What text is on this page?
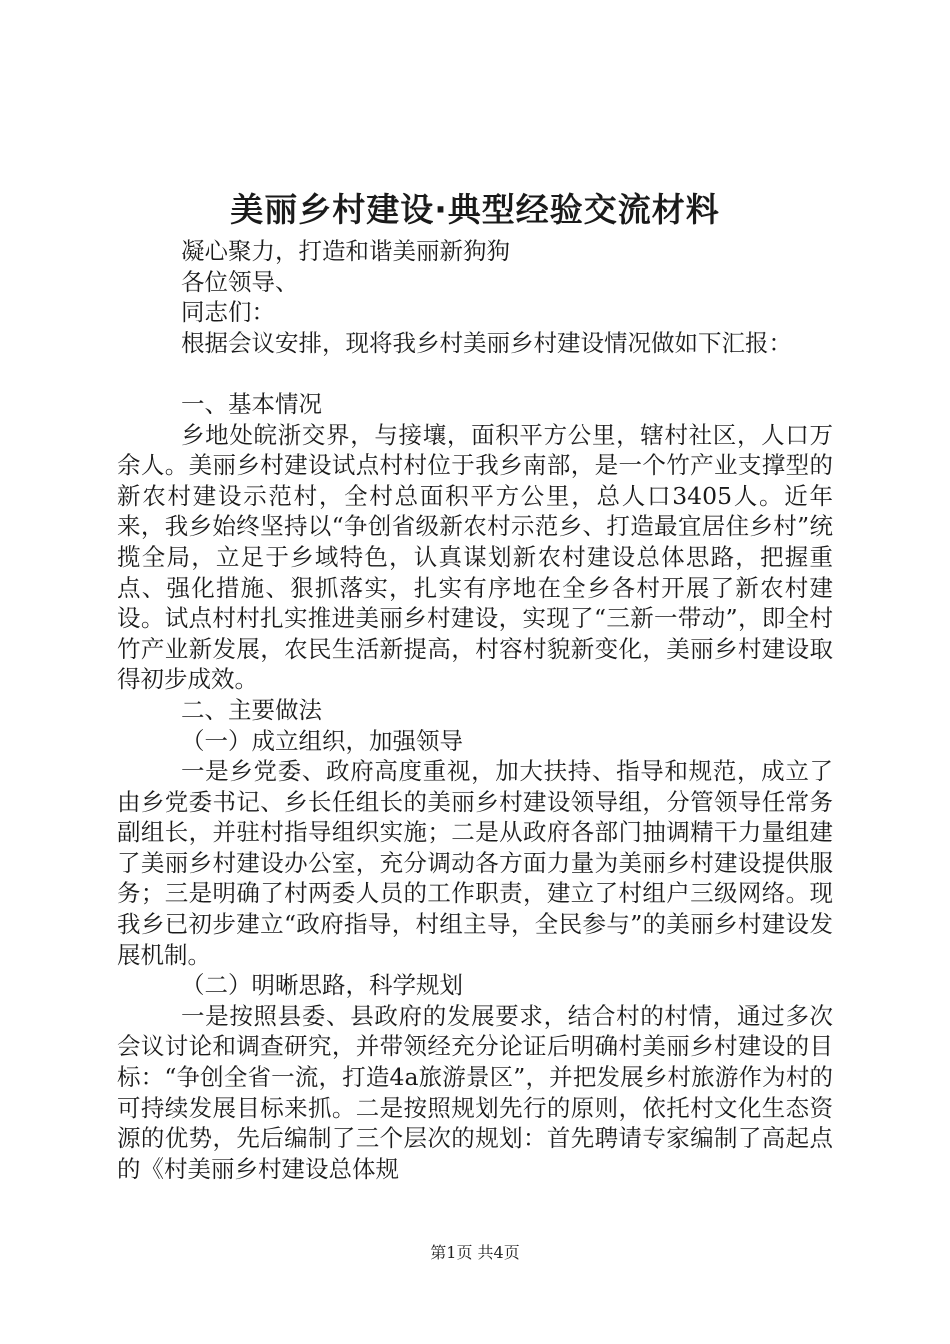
美丽乡村建设·典型经验交流材料

凝心聚力，打造和谐美丽新狗狗

各位领导、

同志们：

根据会议安排，现将我乡村美丽乡村建设情况做如下汇报：

一、基本情况

乡地处皖浙交界，与接壤，面积平方公里，辖村社区，人口万余人。美丽乡村建设试点村村位于我乡南部，是一个竹产业支撑型的新农村建设示范村，全村总面积平方公里，总人口3405人。近年来，我乡始终坚持以“争创省级新农村示范乡、打造最宜居住乡村”统揽全局，立足于乡域特色，认真谋划新农村建设总体思路，把握重点、强化措施、狠抓落实，扎实有序地在全乡各村开展了新农村建设。试点村村扎实推进美丽乡村建设，实现了“三新一带动”，即全村竹产业新发展，农民生活新提高，村容村貌新变化，美丽乡村建设取得初步成效。

二、主要做法

（一）成立组织，加强领导

一是乡党委、政府高度重视，加大扶持、指导和规范，成立了由乡党委书记、乡长任组长的美丽乡村建设领导组，分管领导任常务副组长，并驻村指导组织实施；二是从政府各部门抽调精干力量组建了美丽乡村建设办公室，充分调动各方面力量为美丽乡村建设提供服务；三是明确了村两委人员的工作职责，建立了村组户三级网络。现我乡已初步建立“政府指导，村组主导，全民参与”的美丽乡村建设发展机制。

（二）明晰思路，科学规划

一是按照县委、县政府的发展要求，结合村的村情，通过多次会议讨论和调查研究，并带领经充分论证后明确村美丽乡村建设的目标：“争创全省一流，打造4a旅游景区”，并把发展乡村旅游作为村的可持续发展目标来抓。二是按照规划先行的原则，依托村文化生态资源的优势，先后编制了三个层次的规划：首先聘请专家编制了高起点的《村美丽乡村建设总体规

第1页 共4页
